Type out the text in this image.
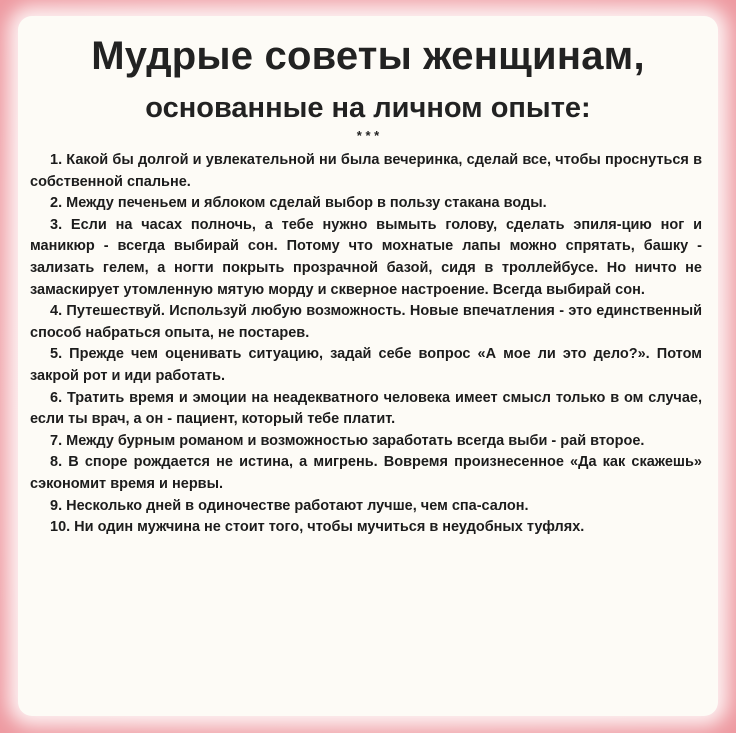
Мудрые советы женщинам,
основанные на личном опыте:
* * *

1. Какой бы долгой и увлекательной ни была вечеринка, сделай все, чтобы проснуться в собственной спальне.

2. Между печеньем и яблоком сделай выбор в пользу стакана воды.

3. Если на часах полночь, а тебе нужно вымыть голову, сделать эпиля-цию ног и маникюр - всегда выбирай сон. Потому что мохнатые лапы можно спрятать, башку - зализать гелем, а ногти покрыть прозрачной базой, сидя в троллейбусе. Но ничто не замаскирует утомленную мятую морду и скверное настроение. Всегда выбирай сон.

4. Путешествуй. Используй любую возможность. Новые впечатления - это единственный способ набраться опыта, не постарев.

5. Прежде чем оценивать ситуацию, задай себе вопрос «А мое ли это дело?». Потом закрой рот и иди работать.

6. Тратить время и эмоции на неадекватного человека имеет смысл только в ом случае, если ты врач, а он - пациент, который тебе платит.

7. Между бурным романом и возможностью заработать всегда выби - рай второе.

8. В споре рождается не истина, а мигрень. Вовремя произнесенное «Да как скажешь» сэкономит время и нервы.

9. Несколько дней в одиночестве работают лучше, чем спа-салон.

10. Ни один мужчина не стоит того, чтобы мучиться в неудобных туфлях.
